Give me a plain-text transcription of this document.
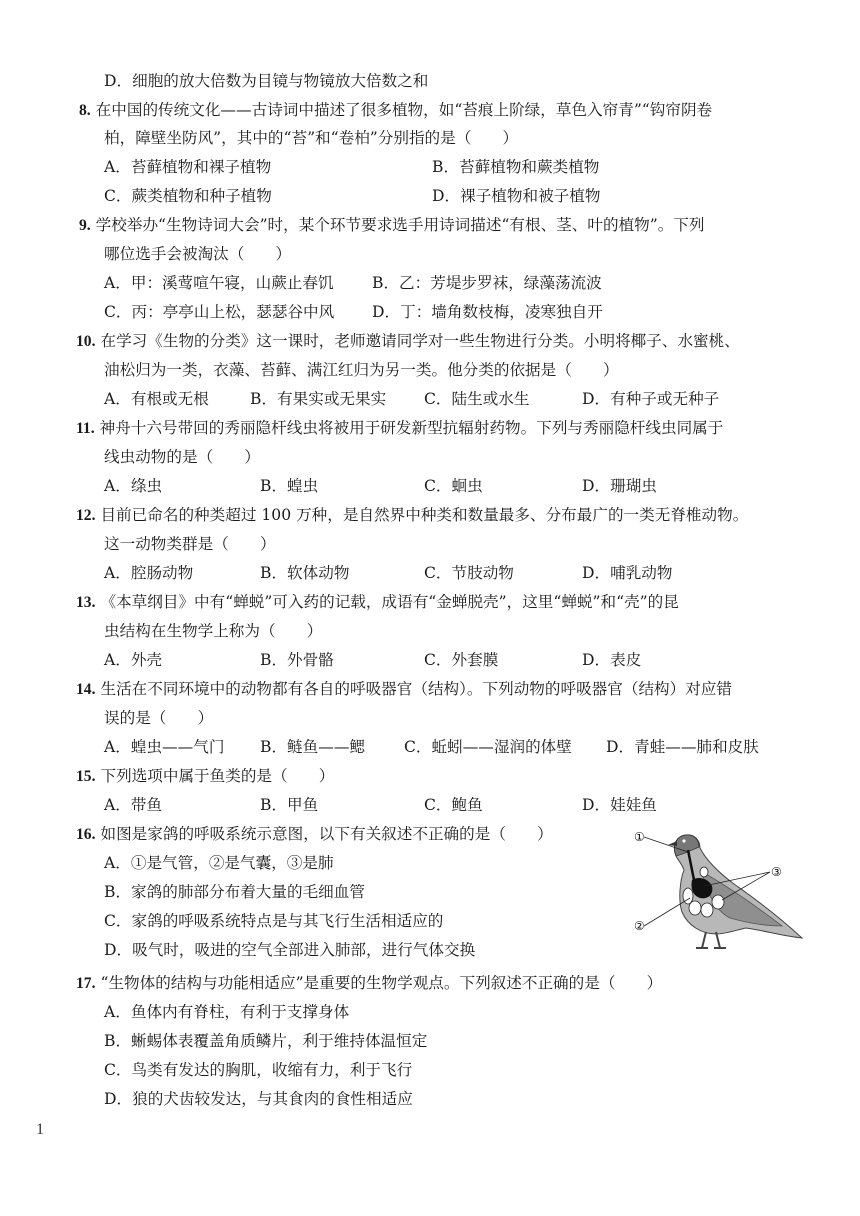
D．细胞的放大倍数为目镜与物镜放大倍数之和
8. 在中国的传统文化——古诗词中描述了很多植物，如“苔痕上阶绿，草色入帘青”“钩帘阴卷
柏，障壁坐防风”，其中的“苔”和“卷柏”分别指的是（　　）
A．苔藓植物和裸子植物	B．苔藓植物和蕨类植物
C．蕨类植物和种子植物	D．裸子植物和被子植物
9. 学校举办“生物诗词大会”时，某个环节要求选手用诗词描述“有根、茎、叶的植物”。下列
哪位选手会被淘汰（　　）
A．甲：溪莺喧午寝，山蕨止春饥 B．乙：芳堤步罗袜，绿藻荡流波
C．丙：亭亭山上松，瑟瑟谷中风 D．丁：墙角数枝梅，凌寒独自开
10. 在学习《生物的分类》这一课时，老师邀请同学对一些生物进行分类。小明将椰子、水蜜桃、
油松归为一类，衣藻、苔藓、满江红归为另一类。他分类的依据是（　　）
A．有根或无根	B．有果实或无果实 C．陆生或水生	D．有种子或无种子
11. 神舟十六号带回的秀丽隐杆线虫将被用于研发新型抗辐射药物。下列与秀丽隐杆线虫同属于
线虫动物的是（　　）
A．绦虫	B．蝗虫	C．蛔虫	D．珊瑚虫
12. 目前已命名的种类超过 100 万种，是自然界中种类和数量最多、分布最广的一类无脊椎动物。
这一动物类群是（　　）
A．腔肠动物	B．软体动物	C．节肢动物	D．哺乳动物
13. 《本草纲目》中有“蝉蜕”可入药的记载，成语有“金蝉脱壳”，这里“蝉蜕”和“壳”的昆
虫结构在生物学上称为（　　）
A．外壳	B．外骨骼	C．外套膜	D．表皮
14. 生活在不同环境中的动物都有各自的呼吸器官（结构）。下列动物的呼吸器官（结构）对应错
误的是（　　）
A．蝗虫——气门 B．鲢鱼——鳃 C．蚯蚓——湿润的体壁 D．青蛙——肺和皮肤
15. 下列选项中属于鱼类的是（　　）
A．带鱼	B．甲鱼	C．鲍鱼	D．娃娃鱼
16. 如图是家鸽的呼吸系统示意图，以下有关叙述不正确的是（　　）
A．①是气管，②是气囊，③是肺
B．家鸽的肺部分布着大量的毛细血管
C．家鸽的呼吸系统特点是与其飞行生活相适应的
D．吸气时，吸进的空气全部进入肺部，进行气体交换
①
②
③
17. “生物体的结构与功能相适应”是重要的生物学观点。下列叙述不正确的是（　　）
A．鱼体内有脊柱，有利于支撑身体
B．蜥蜴体表覆盖角质鳞片，利于维持体温恒定
C．鸟类有发达的胸肌，收缩有力，利于飞行
D．狼的犬齿较发达，与其食肉的食性相适应
1
